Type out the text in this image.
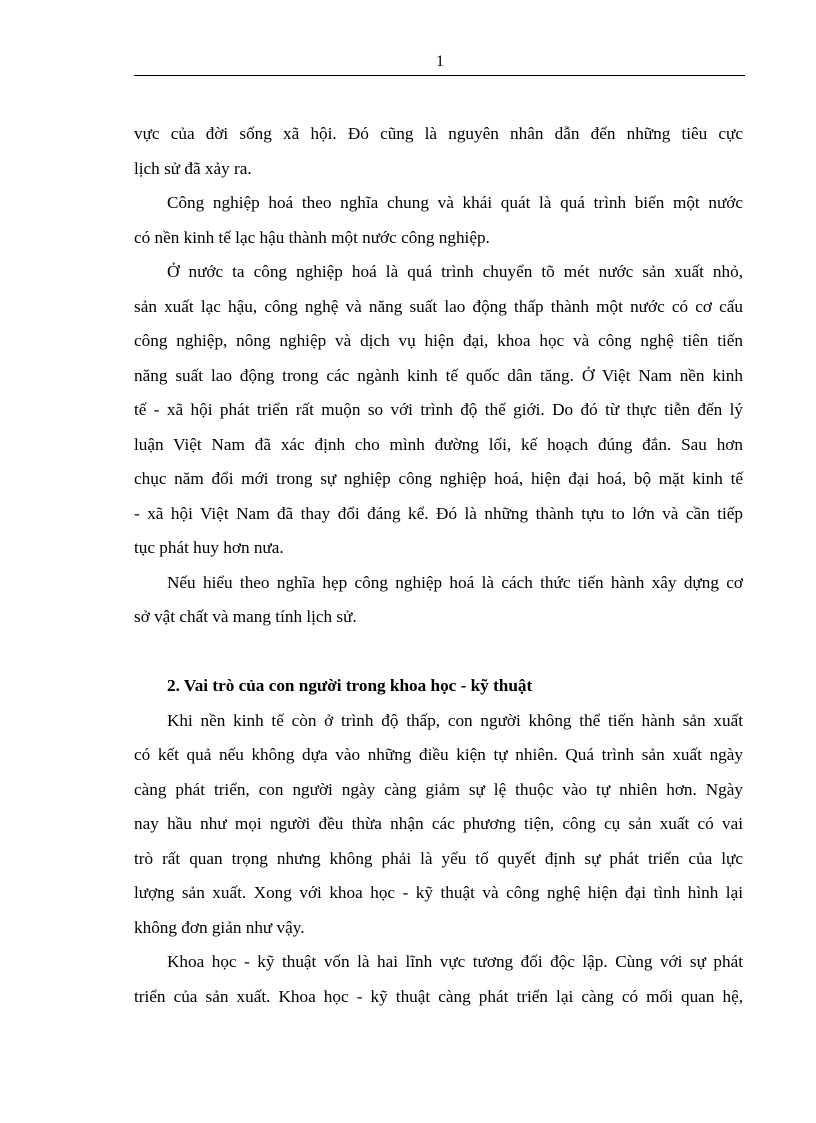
1
vực của đời sống xã hội. Đó cũng là nguyên nhân dẫn đến những tiêu cực
lịch sử đã xảy ra.
Công nghiệp hoá theo nghĩa chung và khái quát là quá trình biến một nước
có nền kinh tế lạc hậu thành một nước công nghiệp.
Ở nước ta công nghiệp hoá là quá trình chuyển tõ mét nước sản xuất nhỏ,
sản xuất lạc hậu, công nghệ và năng suất lao động thấp thành một nước có cơ cấu
công nghiệp, nông nghiệp và dịch vụ hiện đại, khoa học và công nghệ tiên tiến
năng suất lao động trong các ngành kinh tế quốc dân tăng. Ở Việt Nam nền kinh
tế - xã hội phát triển rất muộn so với trình độ thế giới. Do đó từ thực tiễn đến lý
luận Việt Nam đã xác định cho mình đường lối, kế hoạch đúng đắn. Sau hơn
chục năm đổi mới trong sự nghiệp công nghiệp hoá, hiện đại hoá, bộ mặt kinh tế
- xã hội Việt Nam đã thay đổi đáng kể. Đó là những thành tựu to lớn và cần tiếp
tục phát huy hơn nưa.
Nếu hiểu theo nghĩa hẹp công nghiệp hoá là cách thức tiến hành xây dựng cơ
sở vật chất và mang tính lịch sử.
2. Vai trò của con người trong khoa học - kỹ thuật
Khi nền kinh tế còn ở trình độ thấp, con người không thể tiến hành sản xuất
có kết quả nếu không dựa vào những điều kiện tự nhiên. Quá trình sản xuất ngày
càng phát triển, con người ngày càng giảm sự lệ thuộc vào tự nhiên hơn. Ngày
nay hầu như mọi người đều thừa nhận các phương tiện, công cụ sản xuất có vai
trò rất quan trọng nhưng không phải là yếu tố quyết định sự phát triển của lực
lượng sản xuất. Xong với khoa học - kỹ thuật và công nghệ hiện đại tình hình lại
không đơn giản như vậy.
Khoa học - kỹ thuật vốn là hai lĩnh vực tương đối độc lập. Cùng với sự phát
triển của sản xuất. Khoa học - kỹ thuật càng phát triển lại càng có mối quan hệ,
